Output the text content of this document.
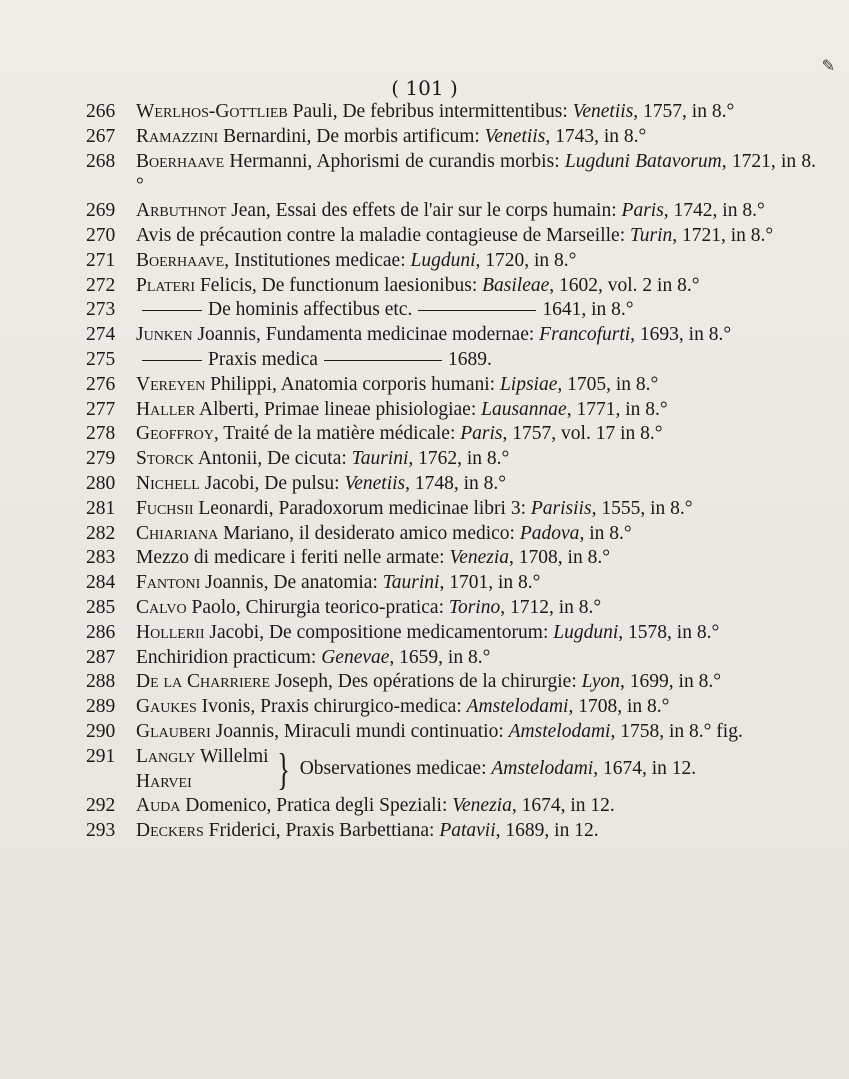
✎
( 101 )
266	Werlhos-Gottlieb Pauli, De febribus intermittentibus: Venetiis, 1757, in 8.°
267	Ramazzini Bernardini, De morbis artificum: Venetiis, 1743, in 8.°
268	Boerhaave Hermanni, Aphorismi de curandis morbis: Lugduni Batavorum, 1721, in 8.°
269	Arbuthnot Jean, Essai des effets de l'air sur le corps humain: Paris, 1742, in 8.°
270	Avis de précaution contre la maladie contagieuse de Marseille: Turin, 1721, in 8.°
271	Boerhaave, Institutiones medicae: Lugduni, 1720, in 8.°
272	Plateri Felicis, De functionum laesionibus: Basileae, 1602, vol. 2 in 8.°
273	De hominis affectibus etc.	1641, in 8.°
274	Junken Joannis, Fundamenta medicinae modernae: Francofurti, 1693, in 8.°
275	Praxis medica	1689.
276	Vereyen Philippi, Anatomia corporis humani: Lipsiae, 1705, in 8.°
277	Haller Alberti, Primae lineae phisiologiae: Lausannae, 1771, in 8.°
278	Geoffroy, Traité de la matière médicale: Paris, 1757, vol. 17 in 8.°
279	Storck Antonii, De cicuta: Taurini, 1762, in 8.°
280	Nichell Jacobi, De pulsu: Venetiis, 1748, in 8.°
281	Fuchsii Leonardi, Paradoxorum medicinae libri 3: Parisiis, 1555, in 8.°
282	Chiariana Mariano, il desiderato amico medico: Padova, in 8.°
283	Mezzo di medicare i feriti nelle armate: Venezia, 1708, in 8.°
284	Fantoni Joannis, De anatomia: Taurini, 1701, in 8.°
285	Calvo Paolo, Chirurgia teorico-pratica: Torino, 1712, in 8.°
286	Hollerii Jacobi, De compositione medicamentorum: Lugduni, 1578, in 8.°
287	Enchiridion practicum: Genevae, 1659, in 8.°
288	De la Charriere Joseph, Des opérations de la chirurgie: Lyon, 1699, in 8.°
289	Gaukes Ivonis, Praxis chirurgico-medica: Amstelodami, 1708, in 8.°
290	Glauberi Joannis, Miraculi mundi continuatio: Amstelodami, 1758, in 8.° fig.
291	Langly Willelmi
Harvei	} Observationes medicae: Amstelodami, 1674, in 12.
292	Auda Domenico, Pratica degli Speziali: Venezia, 1674, in 12.
293	Deckers Friderici, Praxis Barbettiana: Patavii, 1689, in 12.
